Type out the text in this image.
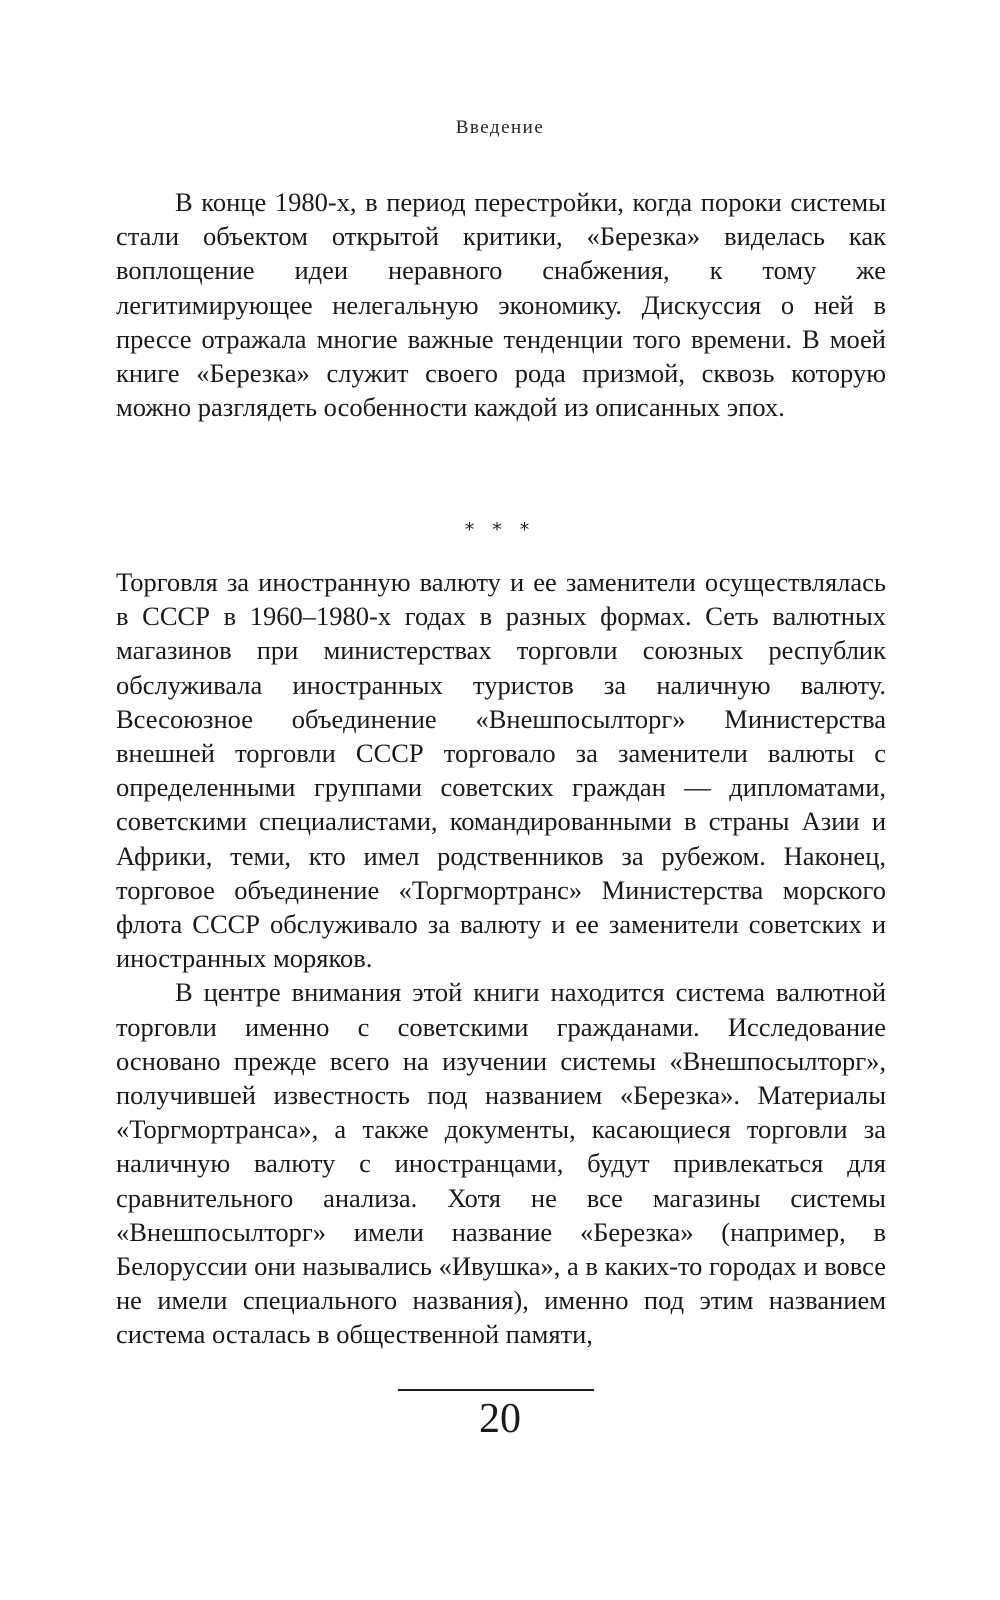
Введение

В конце 1980-х, в период перестройки, когда пороки системы стали объектом открытой критики, «Березка» виделась как воплощение идеи неравного снабжения, к тому же легитимирующее нелегальную экономику. Дискуссия о ней в прессе отражала многие важные тенденции того времени. В моей книге «Березка» служит своего рода призмой, сквозь которую можно разглядеть особенности каждой из описанных эпох.

* * *

Торговля за иностранную валюту и ее заменители осуществлялась в СССР в 1960–1980-х годах в разных формах. Сеть валютных магазинов при министерствах торговли союзных республик обслуживала иностранных туристов за наличную валюту. Всесоюзное объединение «Внешпосылторг» Министерства внешней торговли СССР торговало за заменители валюты с определенными группами советских граждан — дипломатами, советскими специалистами, командированными в страны Азии и Африки, теми, кто имел родственников за рубежом. Наконец, торговое объединение «Торгмортранс» Министерства морского флота СССР обслуживало за валюту и ее заменители советских и иностранных моряков.

В центре внимания этой книги находится система валютной торговли именно с советскими гражданами. Исследование основано прежде всего на изучении системы «Внешпосылторг», получившей известность под названием «Березка». Материалы «Торгмортранса», а также документы, касающиеся торговли за наличную валюту с иностранцами, будут привлекаться для сравнительного анализа. Хотя не все магазины системы «Внешпосылторг» имели название «Березка» (например, в Белоруссии они назывались «Ивушка», а в каких-то городах и вовсе не имели специального названия), именно под этим названием система осталась в общественной памяти,

20
